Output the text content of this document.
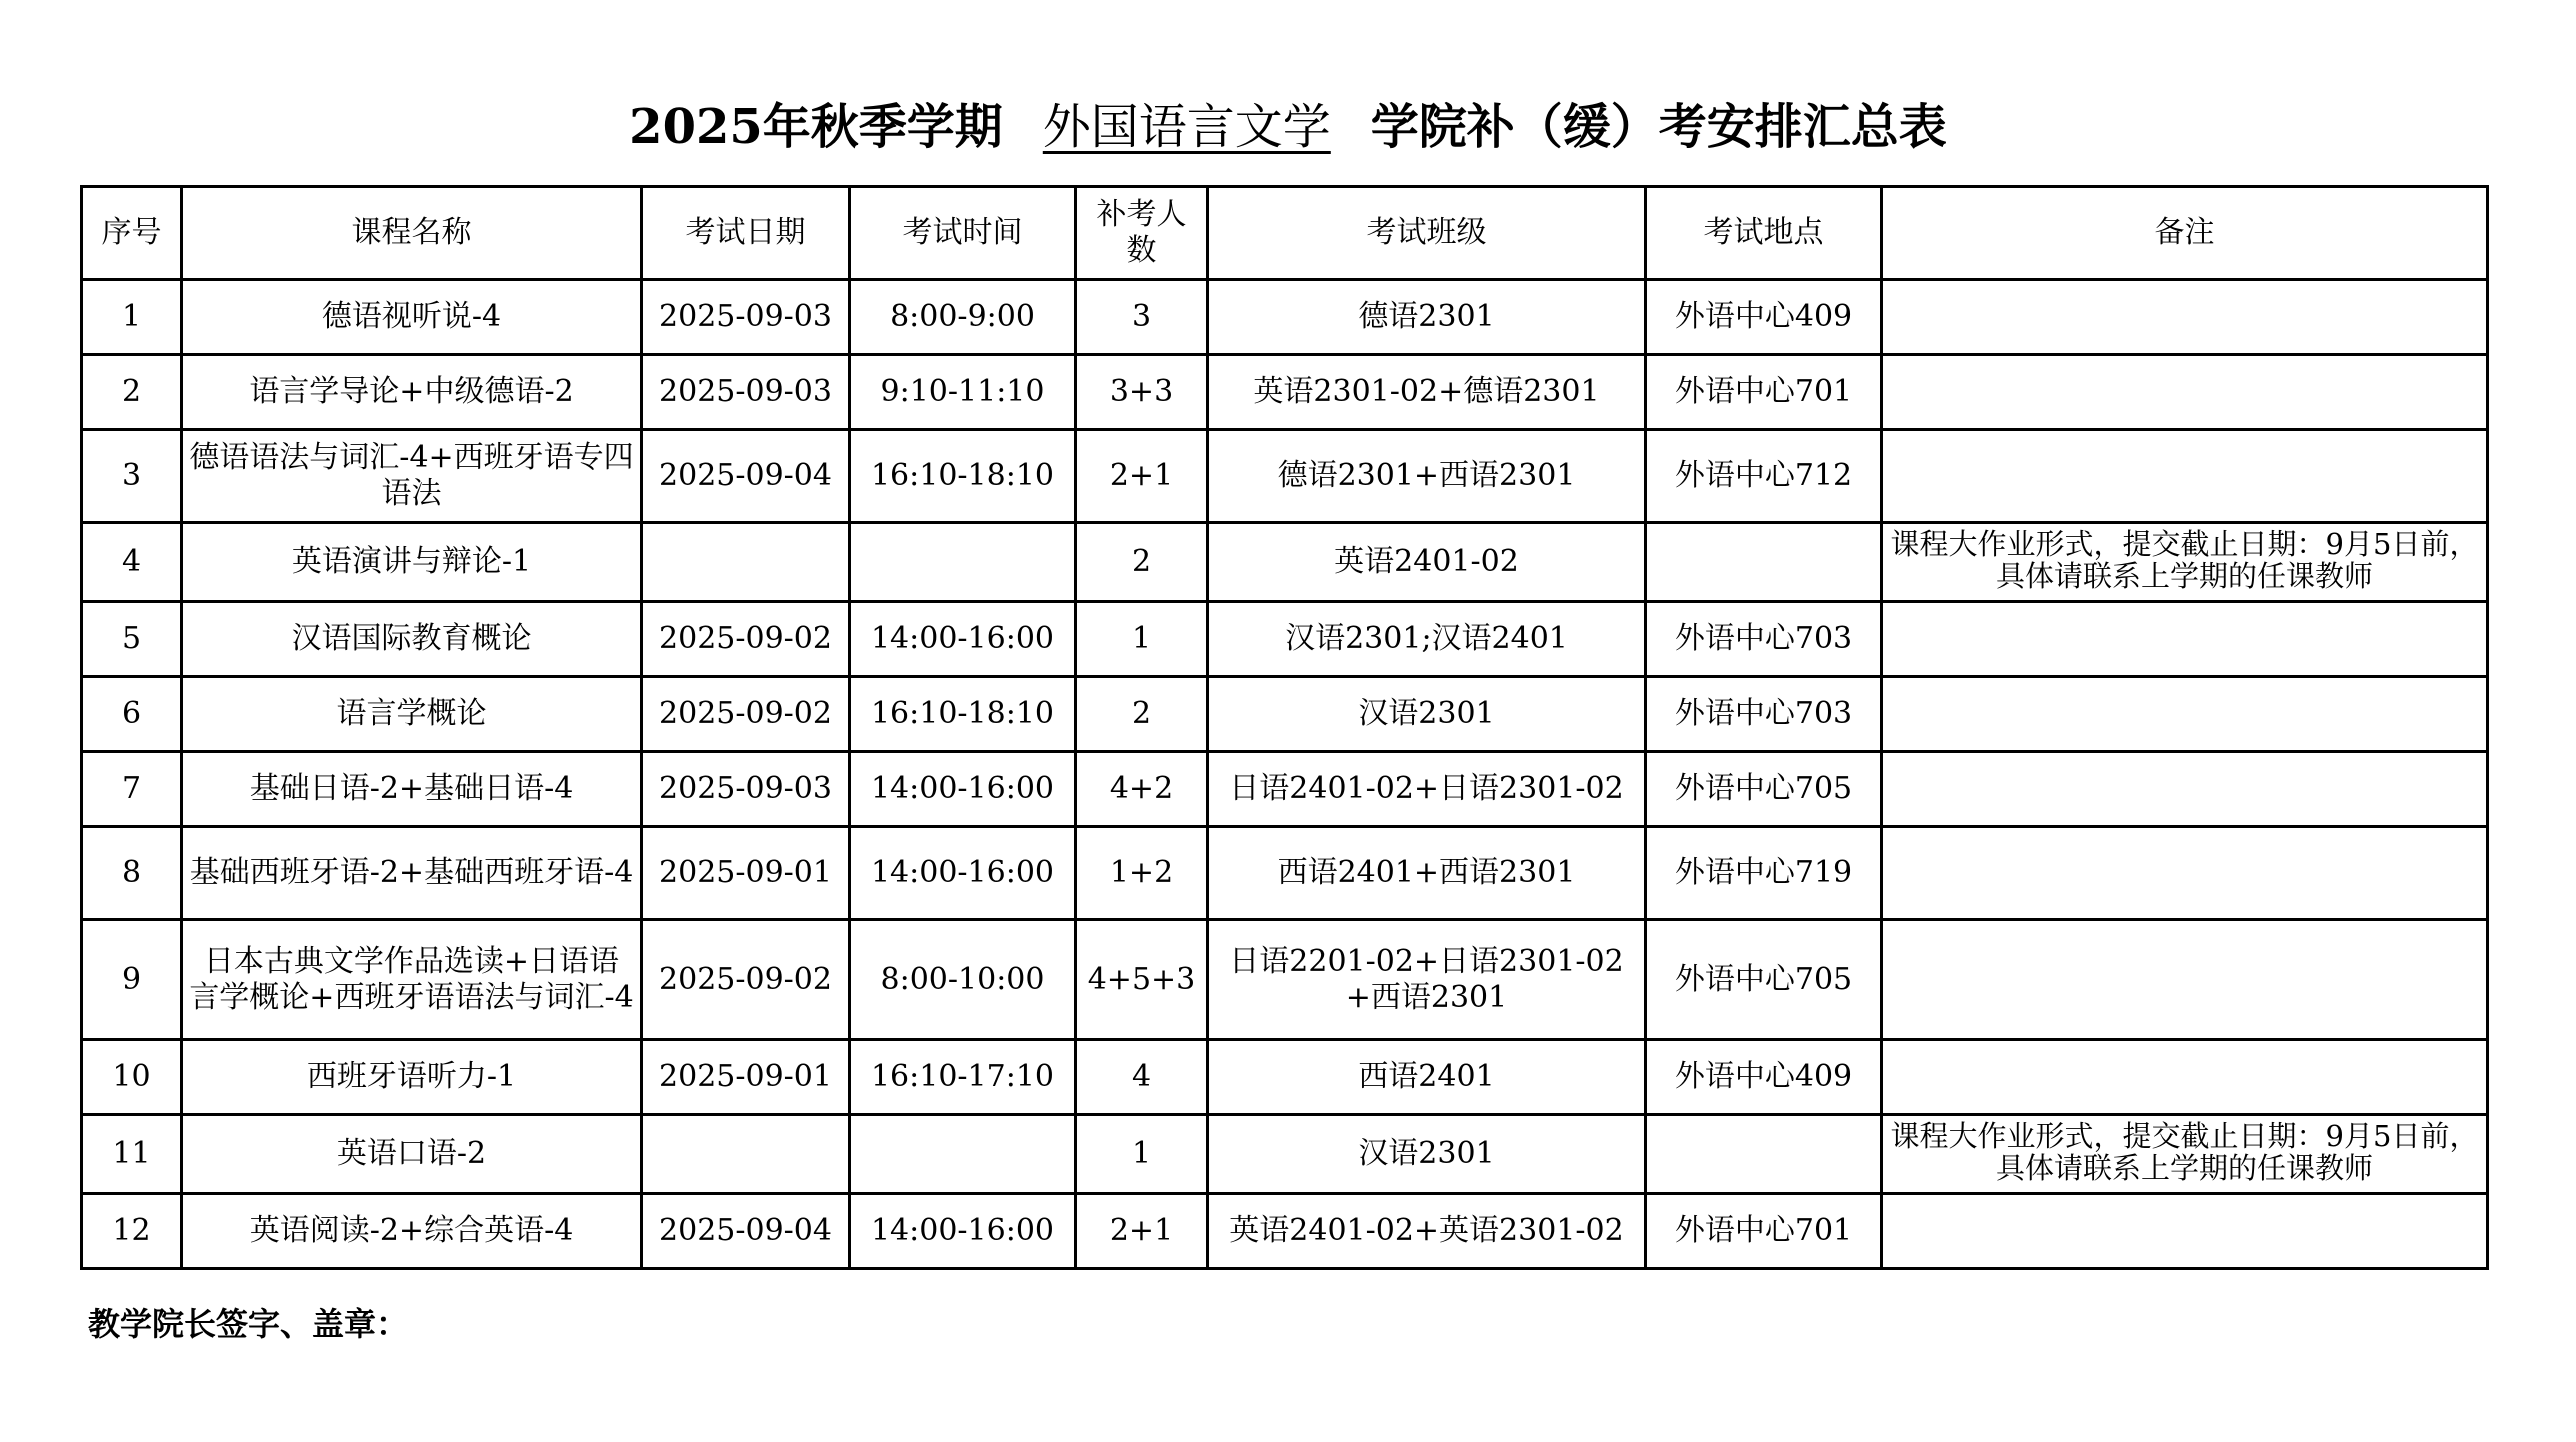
2025年秋季学期 外国语言文学 学院补（缓）考安排汇总表
序号	课程名称	考试日期	考试时间	补考人数	考试班级	考试地点	备注
1	德语视听说-4	2025-09-03	8:00-9:00	3	德语2301	外语中心409	
2	语言学导论+中级德语-2	2025-09-03	9:10-11:10	3+3	英语2301-02+德语2301	外语中心701	
3	德语语法与词汇-4+西班牙语专四语法	2025-09-04	16:10-18:10	2+1	德语2301+西语2301	外语中心712	
4	英语演讲与辩论-1			2	英语2401-02		课程大作业形式，提交截止日期：9月5日前，具体请联系上学期的任课教师

5	汉语国际教育概论	2025-09-02	14:00-16:00	1	汉语2301;汉语2401	外语中心703	
6	语言学概论	2025-09-02	16:10-18:10	2	汉语2301	外语中心703	
7	基础日语-2+基础日语-4	2025-09-03	14:00-16:00	4+2	日语2401-02+日语2301-02	外语中心705	
8	基础西班牙语-2+基础西班牙语-4	2025-09-01	14:00-16:00	1+2	西语2401+西语2301	外语中心719	
9	日本古典文学作品选读+日语语言学概论+西班牙语语法与词汇-4	2025-09-02	8:00-10:00	4+5+3	日语2201-02+日语2301-02+西语2301	外语中心705	
10	西班牙语听力-1	2025-09-01	16:10-17:10	4	西语2401	外语中心409	
11	英语口语-2			1	汉语2301		课程大作业形式，提交截止日期：9月5日前，具体请联系上学期的任课教师

12	英语阅读-2+综合英语-4	2025-09-04	14:00-16:00	2+1	英语2401-02+英语2301-02	外语中心701	
教学院长签字、盖章：
